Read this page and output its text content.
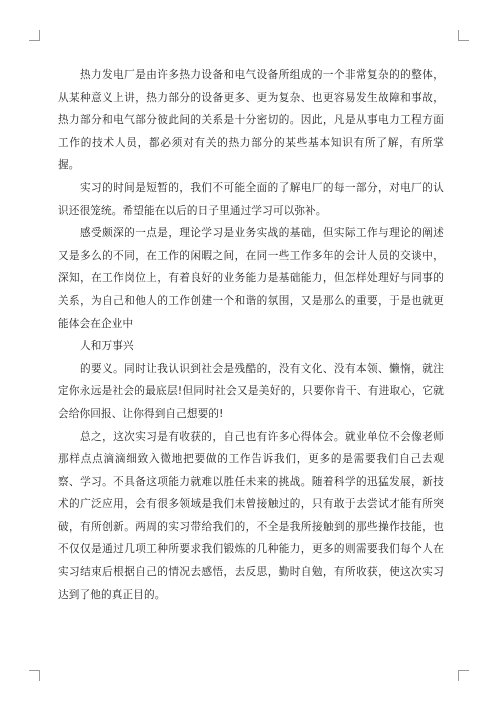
热力发电厂是由许多热力设备和电气设备所组成的一个非常复杂的的整体，从某种意义上讲，热力部分的设备更多、更为复杂、也更容易发生故障和事故，热力部分和电气部分彼此间的关系是十分密切的。因此，凡是从事电力工程方面工作的技术人员，都必须对有关的热力部分的某些基本知识有所了解，有所掌握。

实习的时间是短暂的，我们不可能全面的了解电厂的每一部分，对电厂的认识还很笼统。希望能在以后的日子里通过学习可以弥补。

感受颇深的一点是，理论学习是业务实战的基础，但实际工作与理论的阐述又是多么的不同，在工作的闲暇之间，在同一些工作多年的会计人员的交谈中，深知，在工作岗位上，有着良好的业务能力是基础能力，但怎样处理好与同事的关系，为自己和他人的工作创建一个和谐的氛围，又是那么的重要，于是也就更能体会在企业中

人和万事兴

的要义。同时让我认识到社会是残酷的，没有文化、没有本领、懒惰，就注定你永远是社会的最底层!但同时社会又是美好的，只要你肯干、有进取心，它就会给你回报、让你得到自己想要的!

总之，这次实习是有收获的，自己也有许多心得体会。就业单位不会像老师那样点点滴滴细致入微地把要做的工作告诉我们，更多的是需要我们自己去观察、学习。不具备这项能力就难以胜任未来的挑战。随着科学的迅猛发展，新技术的广泛应用，会有很多领域是我们未曾接触过的，只有敢于去尝试才能有所突破，有所创新。两周的实习带给我们的，不全是我所接触到的那些操作技能，也不仅仅是通过几项工种所要求我们锻炼的几种能力，更多的则需要我们每个人在实习结束后根据自己的情况去感悟，去反思，勤时自勉，有所收获，使这次实习达到了他的真正目的。
